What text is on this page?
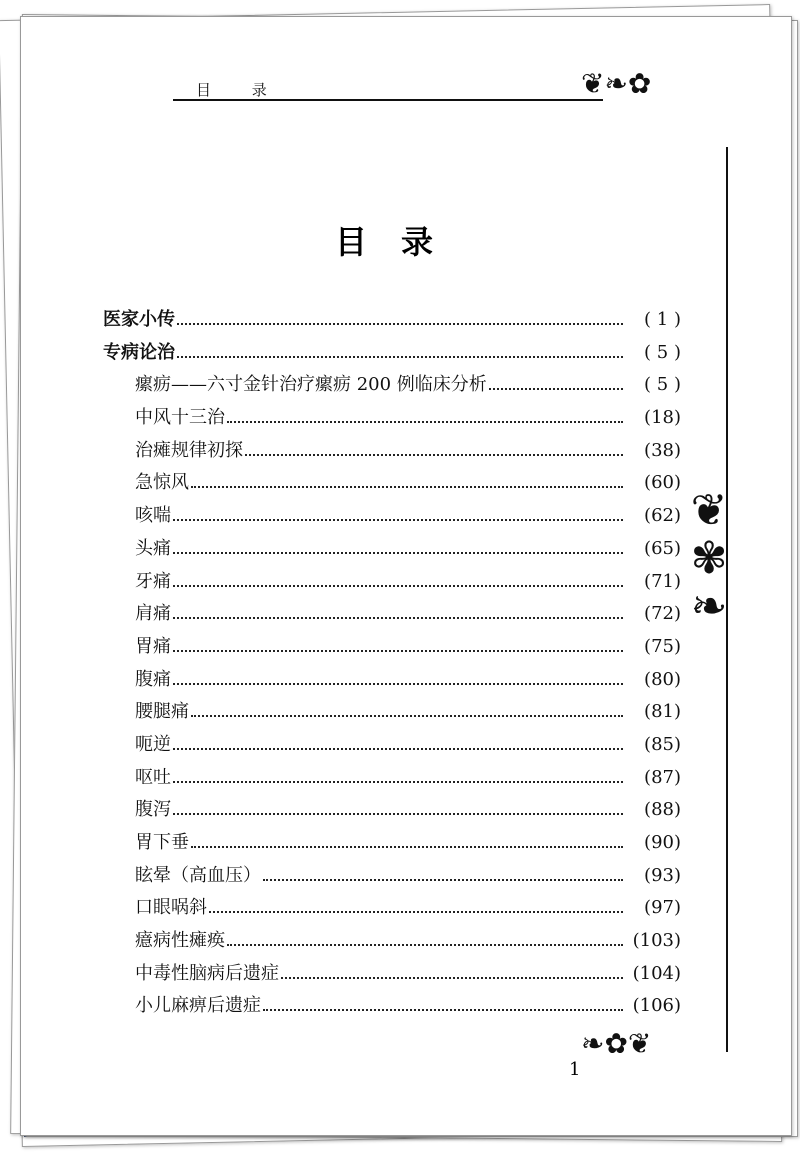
目 录	❦❧✿
❦
✾
❧
❧✿❦
目录
医家小传	( 1 )
专病论治	( 5 )
瘰疬——六寸金针治疗瘰疬 200 例临床分析	( 5 )
中风十三治	(18)
治瘫规律初探	(38)
急惊风	(60)
咳喘	(62)
头痛	(65)
牙痛	(71)
肩痛	(72)
胃痛	(75)
腹痛	(80)
腰腿痛	(81)
呃逆	(85)
呕吐	(87)
腹泻	(88)
胃下垂	(90)
眩晕（高血压）	(93)
口眼㖞斜	(97)
癔病性瘫痪	(103)
中毒性脑病后遗症	(104)
小儿麻痹后遗症	(106)
1
